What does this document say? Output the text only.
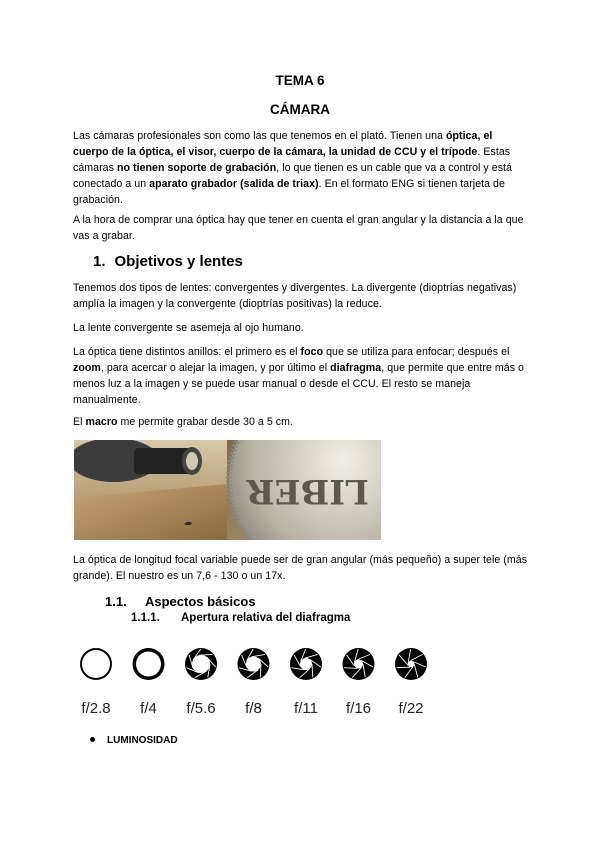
TEMA 6
CÁMARA
Las cámaras profesionales son como las que tenemos en el plató. Tienen una óptica, el cuerpo de la óptica, el visor, cuerpo de la cámara, la unidad de CCU y el trípode. Estas cámaras no tienen soporte de grabación, lo que tienen es un cable que va a control y está conectado a un aparato grabador (salida de triax). En el formato ENG si tienen tarjeta de grabación.
A la hora de comprar una óptica hay que tener en cuenta el gran angular y la distancia a la que vas a grabar.
1. Objetivos y lentes
Tenemos dos tipos de lentes: convergentes y divergentes. La divergente (dioptrías negativas) amplía la imagen y la convergente (dioptrías positivas) la reduce.
La lente convergente se asemeja al ojo humano.
La óptica tiene distintos anillos: el primero es el foco que se utiliza para enfocar; después el zoom, para acercar o alejar la imagen, y por último el diafragma, que permite que entre más o menos luz a la imagen y se puede usar manual o desde el CCU. El resto se maneja manualmente.
El macro me permite grabar desde 30 a 5 cm.
LIBER
La óptica de longitud focal variable puede ser de gran angular (más pequeño) a super tele (más grande). El nuestro es un 7,6 - 130 o un 17x.
1.1. Aspectos básicos
1.1.1. Apertura relativa del diafragma
f/2.8 f/4 f/5.6 f/8 f/11 f/16 f/22
LUMINOSIDAD
